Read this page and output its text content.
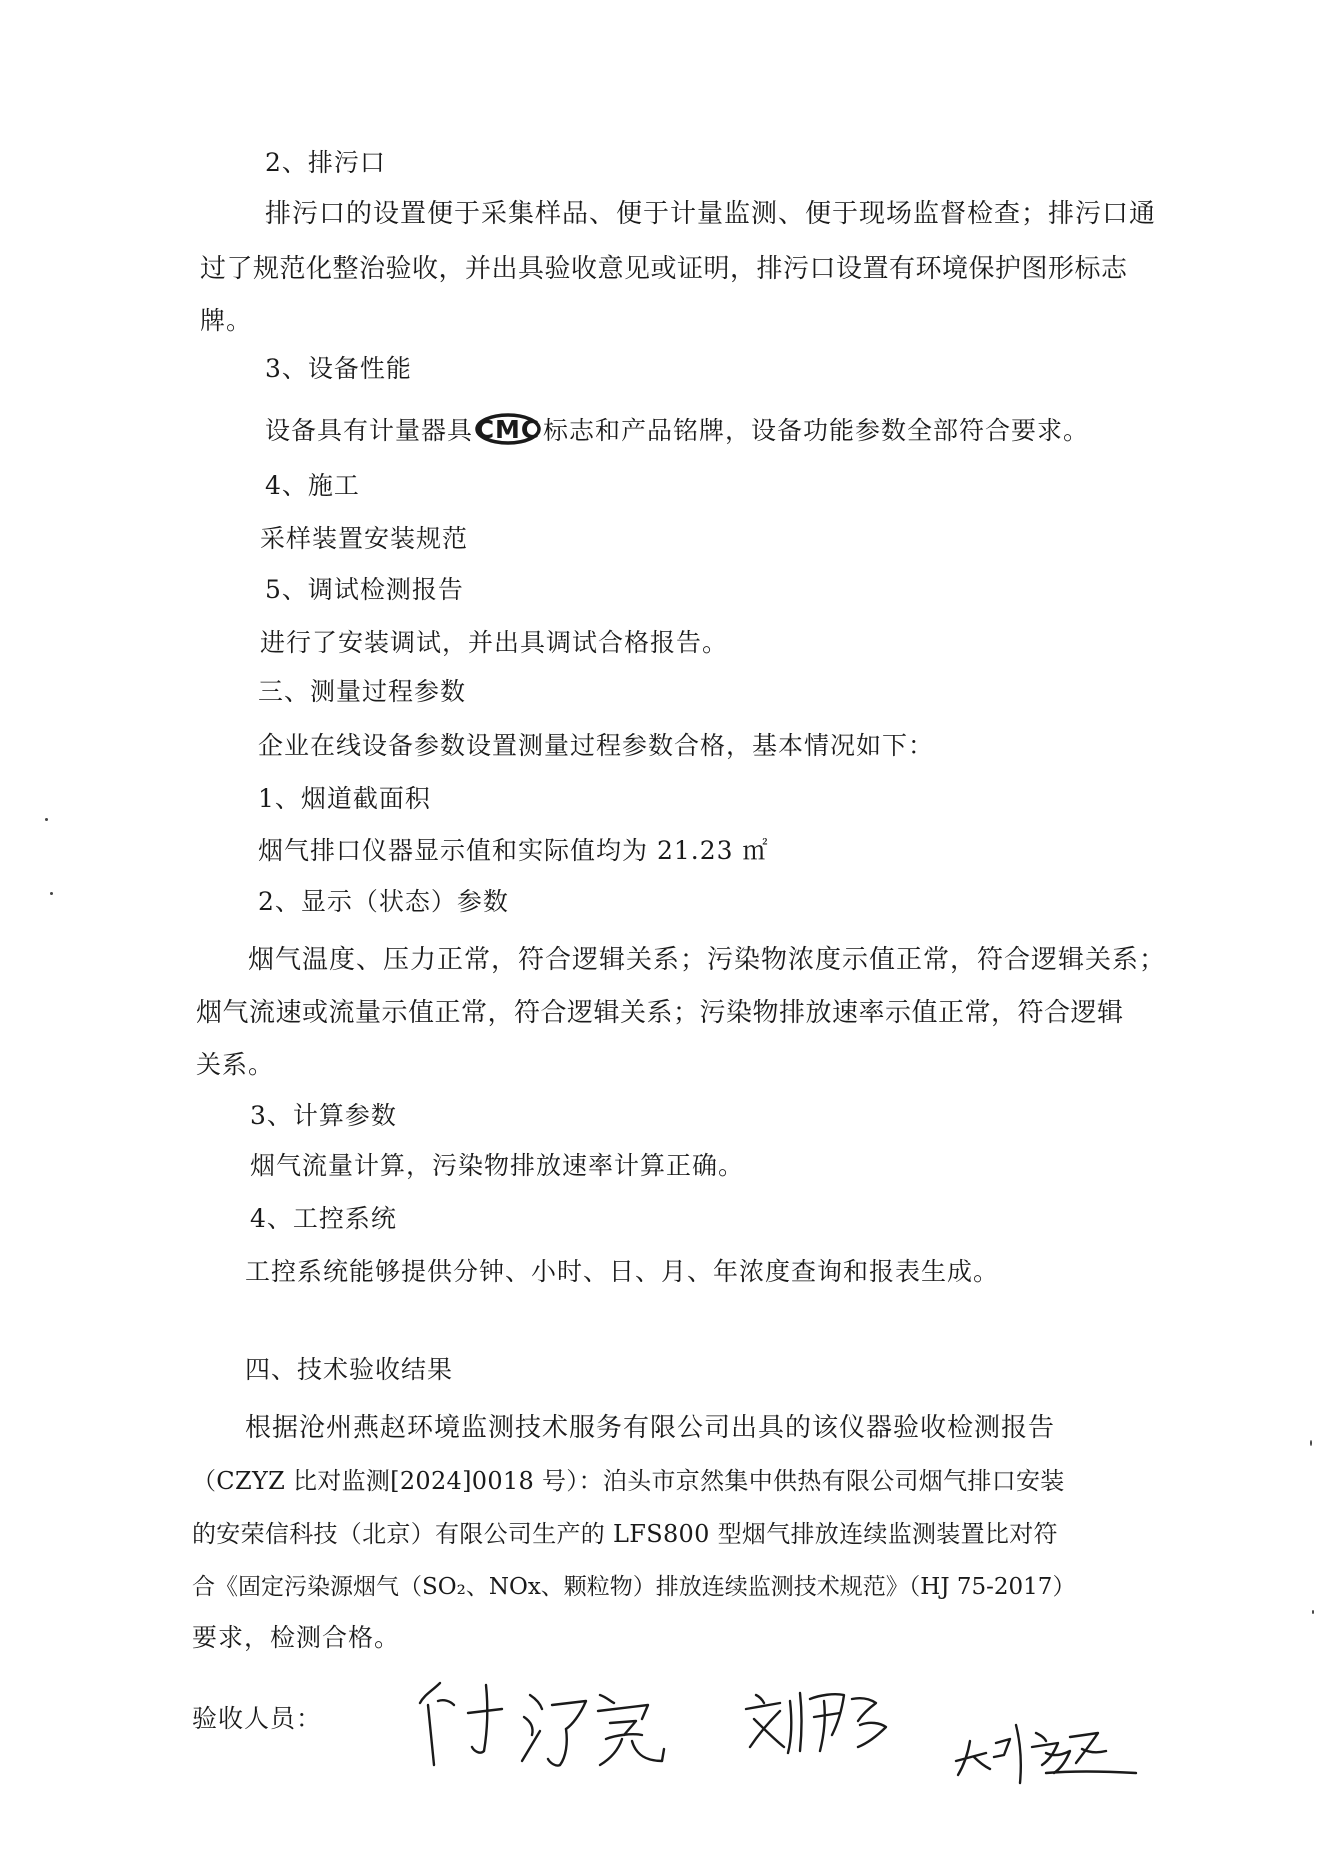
2、排污口
排污口的设置便于采集样品、便于计量监测、便于现场监督检查；排污口通
过了规范化整治验收，并出具验收意见或证明，排污口设置有环境保护图形标志
牌。
3、设备性能
设备具有计量器具 CMC 标志和产品铭牌，设备功能参数全部符合要求。
4、施工
采样装置安装规范
5、调试检测报告
进行了安装调试，并出具调试合格报告。
三、测量过程参数
企业在线设备参数设置测量过程参数合格，基本情况如下：
1、烟道截面积
烟气排口仪器显示值和实际值均为 21.23 ㎡
2、显示（状态）参数
烟气温度、压力正常，符合逻辑关系；污染物浓度示值正常，符合逻辑关系；
烟气流速或流量示值正常，符合逻辑关系；污染物排放速率示值正常，符合逻辑
关系。
3、计算参数
烟气流量计算，污染物排放速率计算正确。
4、工控系统
工控系统能够提供分钟、小时、日、月、年浓度查询和报表生成。
四、技术验收结果
根据沧州燕赵环境监测技术服务有限公司出具的该仪器验收检测报告
（CZYZ 比对监测[2024]0018 号）：泊头市京然集中供热有限公司烟气排口安装
的安荣信科技（北京）有限公司生产的 LFS800 型烟气排放连续监测装置比对符
合《固定污染源烟气（SO₂、NOx、颗粒物）排放连续监测技术规范》（HJ 75-2017）
要求，检测合格。
验收人员：
